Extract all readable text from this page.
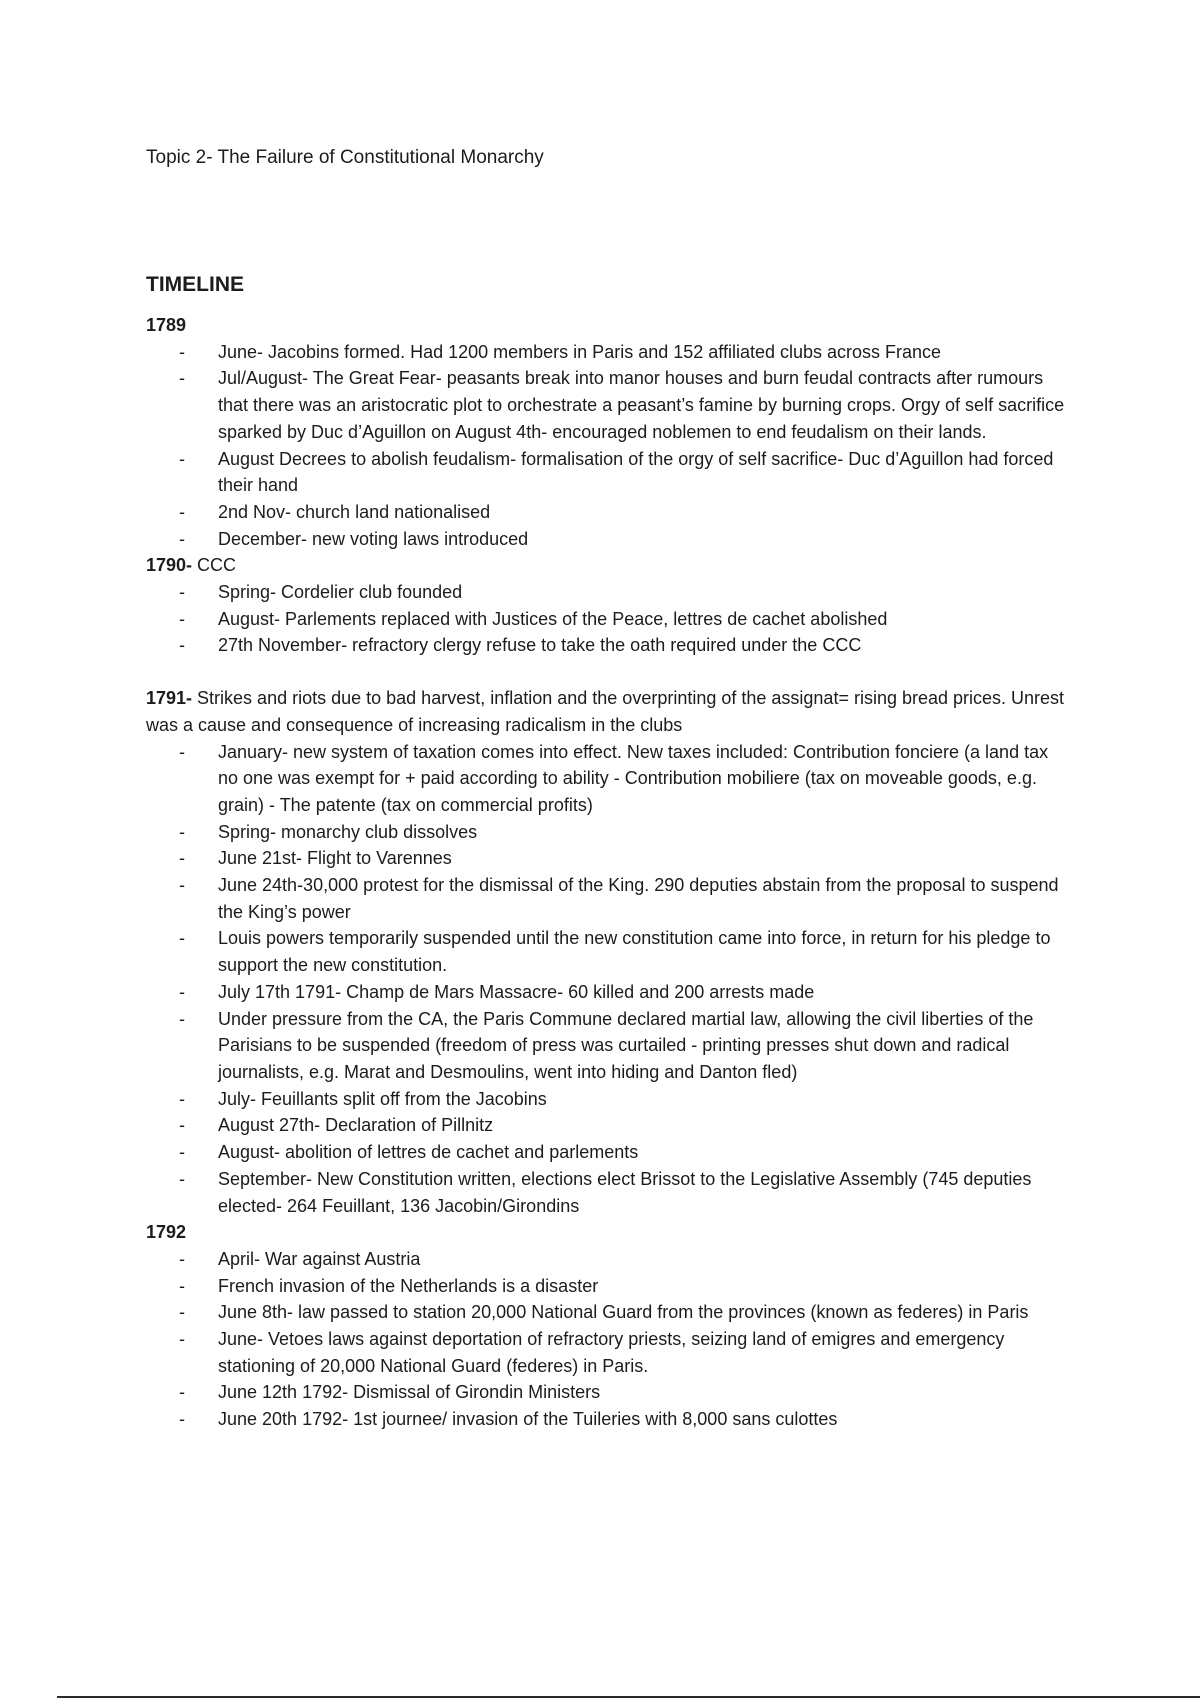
Topic 2- The Failure of Constitutional Monarchy
TIMELINE

1789

- June- Jacobins formed. Had 1200 members in Paris and 152 affiliated clubs across France
- Jul/August- The Great Fear- peasants break into manor houses and burn feudal contracts after rumours that there was an aristocratic plot to orchestrate a peasant’s famine by burning crops. Orgy of self sacrifice sparked by Duc d’Aguillon on August 4th- encouraged noblemen to end feudalism on their lands.
- August Decrees to abolish feudalism- formalisation of the orgy of self sacrifice- Duc d’Aguillon had forced their hand
- 2nd Nov- church land nationalised
- December- new voting laws introduced

1790- CCC

- Spring- Cordelier club founded
- August- Parlements replaced with Justices of the Peace, lettres de cachet abolished
- 27th November- refractory clergy refuse to take the oath required under the CCC

1791- Strikes and riots due to bad harvest, inflation and the overprinting of the assignat= rising bread prices. Unrest was a cause and consequence of increasing radicalism in the clubs

- January- new system of taxation comes into effect. New taxes included: Contribution fonciere (a land tax no one was exempt for + paid according to ability - Contribution mobiliere (tax on moveable goods, e.g. grain) - The patente (tax on commercial profits)
- Spring- monarchy club dissolves
- June 21st- Flight to Varennes
- June 24th-30,000 protest for the dismissal of the King. 290 deputies abstain from the proposal to suspend the King’s power
- Louis powers temporarily suspended until the new constitution came into force, in return for his pledge to support the new constitution.
- July 17th 1791- Champ de Mars Massacre- 60 killed and 200 arrests made
- Under pressure from the CA, the Paris Commune declared martial law, allowing the civil liberties of the Parisians to be suspended (freedom of press was curtailed - printing presses shut down and radical journalists, e.g. Marat and Desmoulins, went into hiding and Danton fled)
- July- Feuillants split off from the Jacobins
- August 27th- Declaration of Pillnitz
- August- abolition of lettres de cachet and parlements
- September- New Constitution written, elections elect Brissot to the Legislative Assembly (745 deputies elected- 264 Feuillant, 136 Jacobin/Girondins

1792

- April- War against Austria
- French invasion of the Netherlands is a disaster
- June 8th- law passed to station 20,000 National Guard from the provinces (known as federes) in Paris
- June- Vetoes laws against deportation of refractory priests, seizing land of emigres and emergency stationing of 20,000 National Guard (federes) in Paris.
- June 12th 1792- Dismissal of Girondin Ministers
- June 20th 1792- 1st journee/ invasion of the Tuileries with 8,000 sans culottes
